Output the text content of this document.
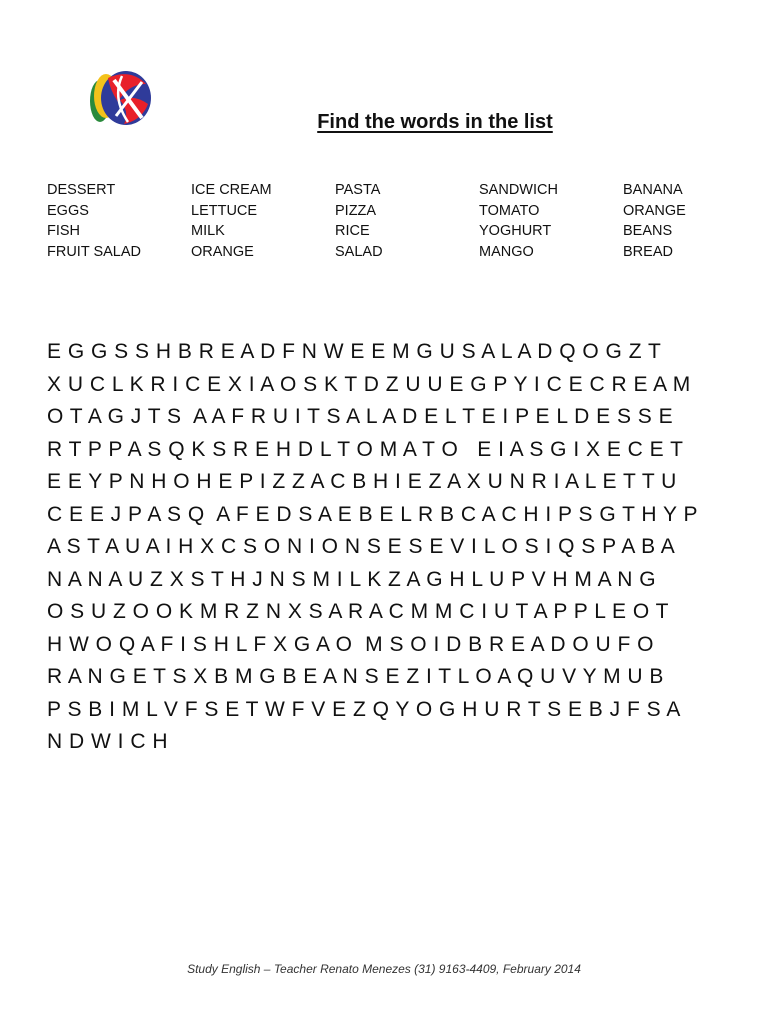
Find the words in the list
DESSERT	ICE CREAM	PASTA	SANDWICH	BANANA
EGGS	LETTUCE	PIZZA	TOMATO	ORANGE
FISH	MILK	RICE	YOGHURT	BEANS
FRUIT SALAD	ORANGE	SALAD	MANGO	BREAD
E G G S S H B R E A D F N W E E M G U S A L A D Q O G Z T
X U C L K R I C E X I A O S K T D Z U U E G P Y I C E C R E A M
O T A G J T S  A A F R U I T S A L A D E L T E I P E L D E S S E
R T P P A S Q K S R E H D L T O M A T O   E I A S G I X E C E T
E E Y P N H O H E P I Z Z A C B H I E Z A X U N R I A L E T T U
C E E J P A S Q  A F E D S A E B E L R B C A C H I P S G T H Y P
A S T A U A I H X C S O N I O N S E S E V I L O S I Q S P A B A
N A N A U Z X S T H J N S M I L K Z A G H L U P V H M A N G
O S U Z O O K M R Z N X S A R A C M M C I U T A P P L E O T
H W O Q A F I S H L F X G A O  M S O I D B R E A D O U F O
R A N G E T S X B M G B E A N S E Z I T L O A Q U V Y M U B
P S B I M L V F S E T W F V E Z Q Y O G H U R T S E B J F S A
N D W I C H
Study English – Teacher Renato Menezes (31) 9163-4409, February 2014
